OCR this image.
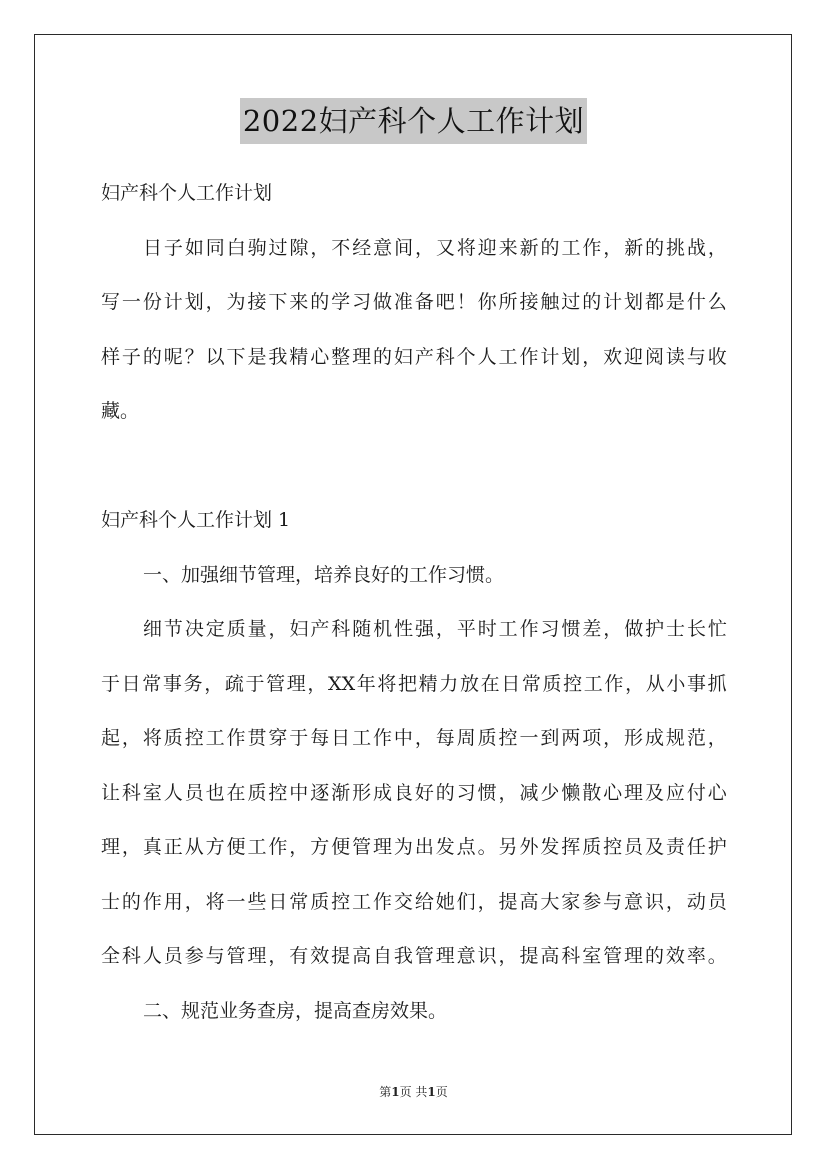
2022妇产科个人工作计划
妇产科个人工作计划
日 子 如 同 白 驹 过 隙 ， 不 经 意 间 ， 又 将 迎 来 新 的 工 作 ， 新 的 挑 战 ，
写 一 份 计 划 ， 为 接 下 来 的 学 习 做 准 备 吧 ！ 你 所 接 触 过 的 计 划 都 是 什 么
样 子 的 呢 ？ 以 下 是 我 精 心 整 理 的 妇 产 科 个 人 工 作 计 划 ， 欢 迎 阅 读 与 收
藏。
妇产科个人工作计划 1
一、加强细节管理，培养良好的工作习惯。
细 节 决 定 质 量 ， 妇 产 科 随 机 性 强 ， 平 时 工 作 习 惯 差 ， 做 护 士 长 忙
于 日 常 事 务 ， 疏 于 管 理 ， XX 年 将 把 精 力 放 在 日 常 质 控 工 作 ， 从 小 事 抓
起 ， 将 质 控 工 作 贯 穿 于 每 日 工 作 中 ， 每 周 质 控 一 到 两 项 ， 形 成 规 范 ，
让 科 室 人 员 也 在 质 控 中 逐 渐 形 成 良 好 的 习 惯 ， 减 少 懒 散 心 理 及 应 付 心
理 ， 真 正 从 方 便 工 作 ， 方 便 管 理 为 出 发 点 。 另 外 发 挥 质 控 员 及 责 任 护
士 的 作 用 ， 将 一 些 日 常 质 控 工 作 交 给 她 们 ， 提 高 大 家 参 与 意 识 ， 动 员
全 科 人 员 参 与 管 理 ， 有 效 提 高 自 我 管 理 意 识 ， 提 高 科 室 管 理 的 效 率 。
二、规范业务查房，提高查房效果。
第1页 共1页
